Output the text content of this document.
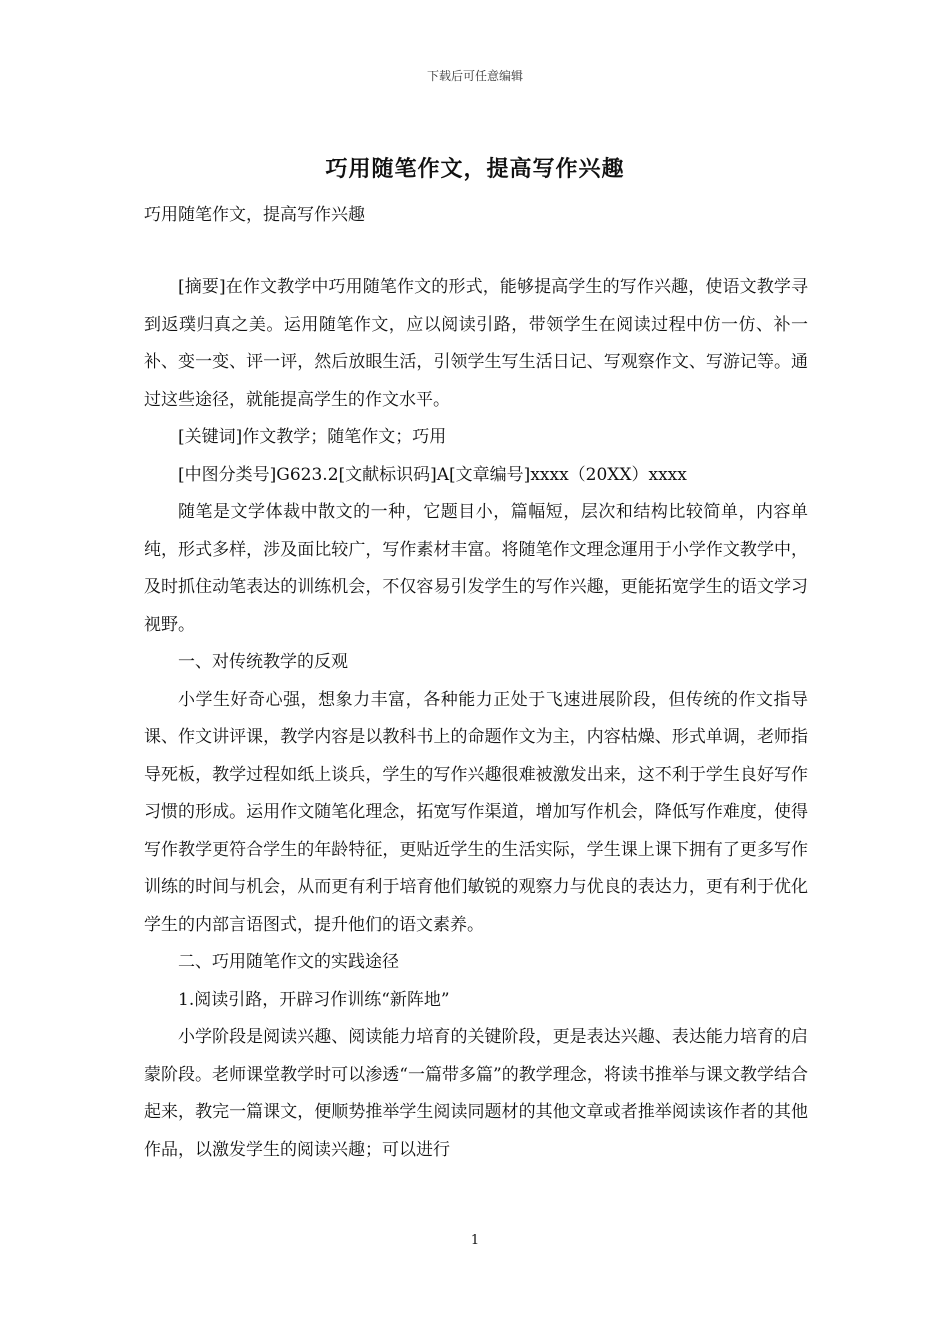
下载后可任意编辑
巧用随笔作文，提高写作兴趣
巧用随笔作文，提高写作兴趣

[摘要]在作文教学中巧用随笔作文的形式，能够提高学生的写作兴趣，使语文教学寻到返璞归真之美。运用随笔作文，应以阅读引路，带领学生在阅读过程中仿一仿、补一补、变一变、评一评，然后放眼生活，引领学生写生活日记、写观察作文、写游记等。通过这些途径，就能提高学生的作文水平。

[关键词]作文教学；随笔作文；巧用

[中图分类号]G623.2[文献标识码]A[文章编号]xxxx（20XX）xxxx

随笔是文学体裁中散文的一种，它题目小，篇幅短，层次和结构比较简单，内容单纯，形式多样，涉及面比较广，写作素材丰富。将随笔作文理念運用于小学作文教学中，及时抓住动笔表达的训练机会，不仅容易引发学生的写作兴趣，更能拓宽学生的语文学习视野。

一、对传统教学的反观

小学生好奇心强，想象力丰富，各种能力正处于飞速进展阶段，但传统的作文指导课、作文讲评课，教学内容是以教科书上的命题作文为主，内容枯燥、形式单调，老师指导死板，教学过程如纸上谈兵，学生的写作兴趣很难被激发出来，这不利于学生良好写作习惯的形成。运用作文随笔化理念，拓宽写作渠道，增加写作机会，降低写作难度，使得写作教学更符合学生的年龄特征，更贴近学生的生活实际，学生课上课下拥有了更多写作训练的时间与机会，从而更有利于培育他们敏锐的观察力与优良的表达力，更有利于优化学生的内部言语图式，提升他们的语文素养。

二、巧用随笔作文的实践途径

1.阅读引路，开辟习作训练“新阵地”

小学阶段是阅读兴趣、阅读能力培育的关键阶段，更是表达兴趣、表达能力培育的启蒙阶段。老师课堂教学时可以渗透“一篇带多篇”的教学理念，将读书推举与课文教学结合起来，教完一篇课文，便顺势推举学生阅读同题材的其他文章或者推举阅读该作者的其他作品，以激发学生的阅读兴趣；可以进行

1
